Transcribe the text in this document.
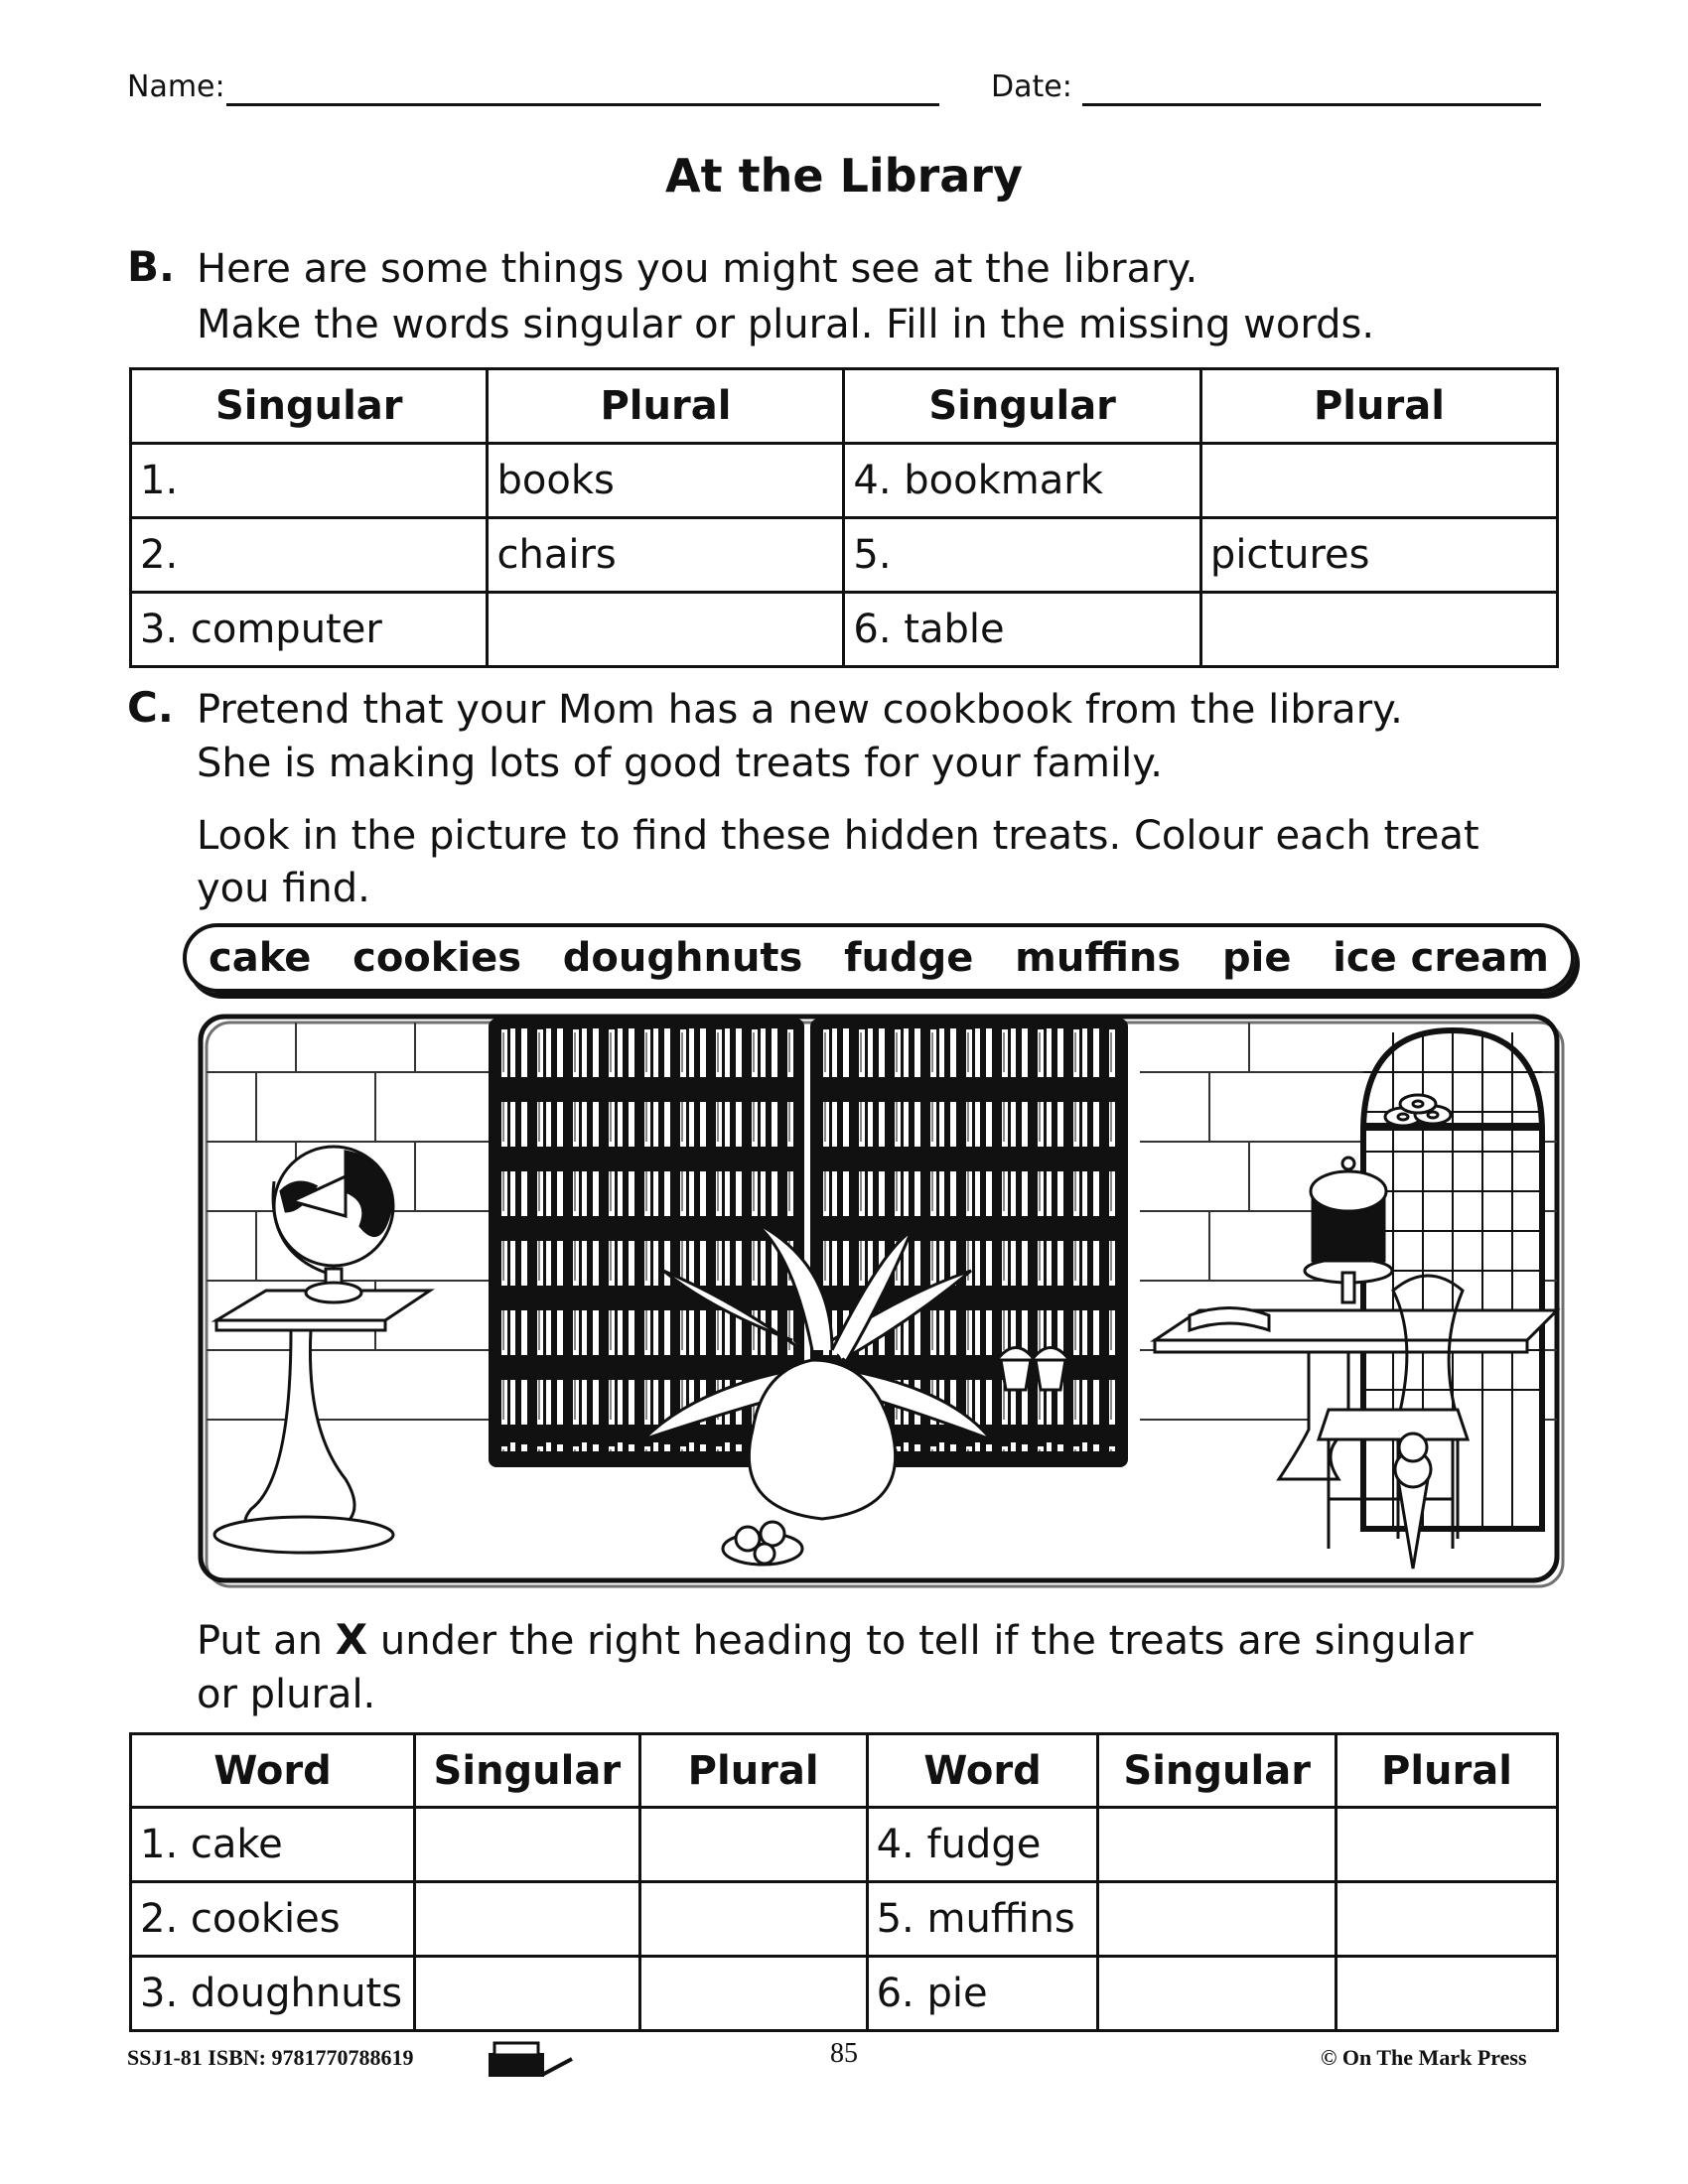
Name:	Date:
At the Library
B. Here are some things you might see at the library.
Make the words singular or plural. Fill in the missing words.
Singular	Plural	Singular	Plural
1.	books	4. bookmark	
2.	chairs	5.	pictures
3. computer		6. table	
C. Pretend that your Mom has a new cookbook from the library.
She is making lots of good treats for your family.
Look in the picture to find these hidden treats. Colour each treat
you find.
cake cookies doughnuts fudge muffins pie ice cream
Put an X under the right heading to tell if the treats are singular
or plural.
Word	Singular	Plural	Word	Singular	Plural
1. cake			4. fudge		
2. cookies			5. muffins		
3. doughnuts			6. pie		
SSJ1-81 ISBN: 9781770788619	85	© On The Mark Press
